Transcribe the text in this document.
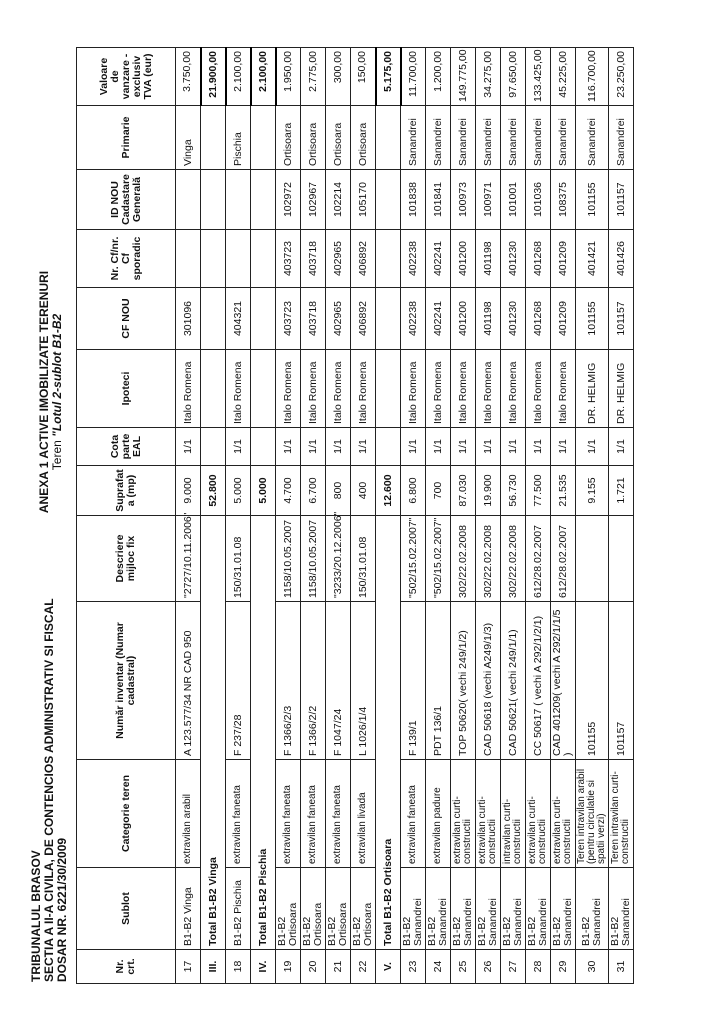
TRIBUNALUL BRASOV SECTIA A II-A CIVILA, DE CONTENCIOS ADMINISTRATIV SI FISCAL DOSAR NR. 6221/30/2009
ANEXA 1 ACTIVE IMOBILIZATE TERENURI Teren "Lotul 2-sublot B1-B2
Nr. crt.	Sublot	Categorie teren	Număr inventar (Numar cadastral)	Descriere mijloc fix	Suprafat a (mp)	Cota parte EAL	Ipoteci	CF NOU	Nr. Cf/nr. Cf sporadic	ID NOU Cadastare Generală	Primarie	Valoare de vanzare - exclusiv TVA (eur)
17	B1-B2 Vinga	extravilan arabil	A 123.577/34 NR CAD 950	"2727/10.11.2006"	9.000	1/1	Italo Romena	301096			Vinga	3.750,00
III.	Total B1-B2 Vinga				52.800							21.900,00
18	B1-B2 Pischia	extravilan faneata	F 237/28	150/31.01.08	5.000	1/1	Italo Romena	404321			Pischia	2.100,00
IV.	Total B1-B2 Pischia				5.000							2.100,00
19	B1-B2 Ortisoara	extravilan faneata	F 1366/2/3	1158/10.05.2007	4.700	1/1	Italo Romena	403723	403723	102972	Ortisoara	1.950,00
20	B1-B2 Ortisoara	extravilan faneata	F 1366/2/2	1158/10.05.2007	6.700	1/1	Italo Romena	403718	403718	102967	Ortisoara	2.775,00
21	B1-B2 Ortisoara	extravilan faneata	F 1047/24	"3233/20.12.2006"	800	1/1	Italo Romena	402965	402965	102214	Ortisoara	300,00
22	B1-B2 Ortisoara	extravilan livada	L 1026/1/4	150/31.01.08	400	1/1	Italo Romena	406892	406892	105170	Ortisoara	150,00
V.	Total B1-B2 Ortisoara				12.600							5.175,00
23	B1-B2 Sanandrei	extravilan faneata	F 139/1	"502/15.02.2007"	6.800	1/1	Italo Romena	402238	402238	101838	Sanandrei	11.700,00
24	B1-B2 Sanandrei	extravilan padure	PDT 136/1	"502/15.02.2007"	700	1/1	Italo Romena	402241	402241	101841	Sanandrei	1.200,00
25	B1-B2 Sanandrei	extravilan curti-constructii	TOP 50620( vechi 249/1/2)	302/22.02.2008	87.030	1/1	Italo Romena	401200	401200	100973	Sanandrei	149.775,00
26	B1-B2 Sanandrei	extravilan curti-constructii	CAD 50618 (vechi A249/1/3)	302/22.02.2008	19.900	1/1	Italo Romena	401198	401198	100971	Sanandrei	34.275,00
27	B1-B2 Sanandrei	intravilan curti-constructii	CAD 50621( vechi 249/1/1)	302/22.02.2008	56.730	1/1	Italo Romena	401230	401230	101001	Sanandrei	97.650,00
28	B1-B2 Sanandrei	extravilan curti-constructii	CC 50617 ( vechi A 292/1/2/1)	612/28.02.2007	77.500	1/1	Italo Romena	401268	401268	101036	Sanandrei	133.425,00
29	B1-B2 Sanandrei	extravilan curti-constructii	CAD 401209( vechi A 292/1/1/5 )	612/28.02.2007	21.535	1/1	Italo Romena	401209	401209	108375	Sanandrei	45.225,00
30	B1-B2 Sanandrei	Teren intravilan arabil (pentru circulatie si spatii verzi)	101155		9.155	1/1	DR. HELMIG	101155	401421	101155	Sanandrei	116.700,00
31	B1-B2 Sanandrei	Teren intravilan curti-constructii	101157		1.721	1/1	DR. HELMIG	101157	401426	101157	Sanandrei	23.250,00
